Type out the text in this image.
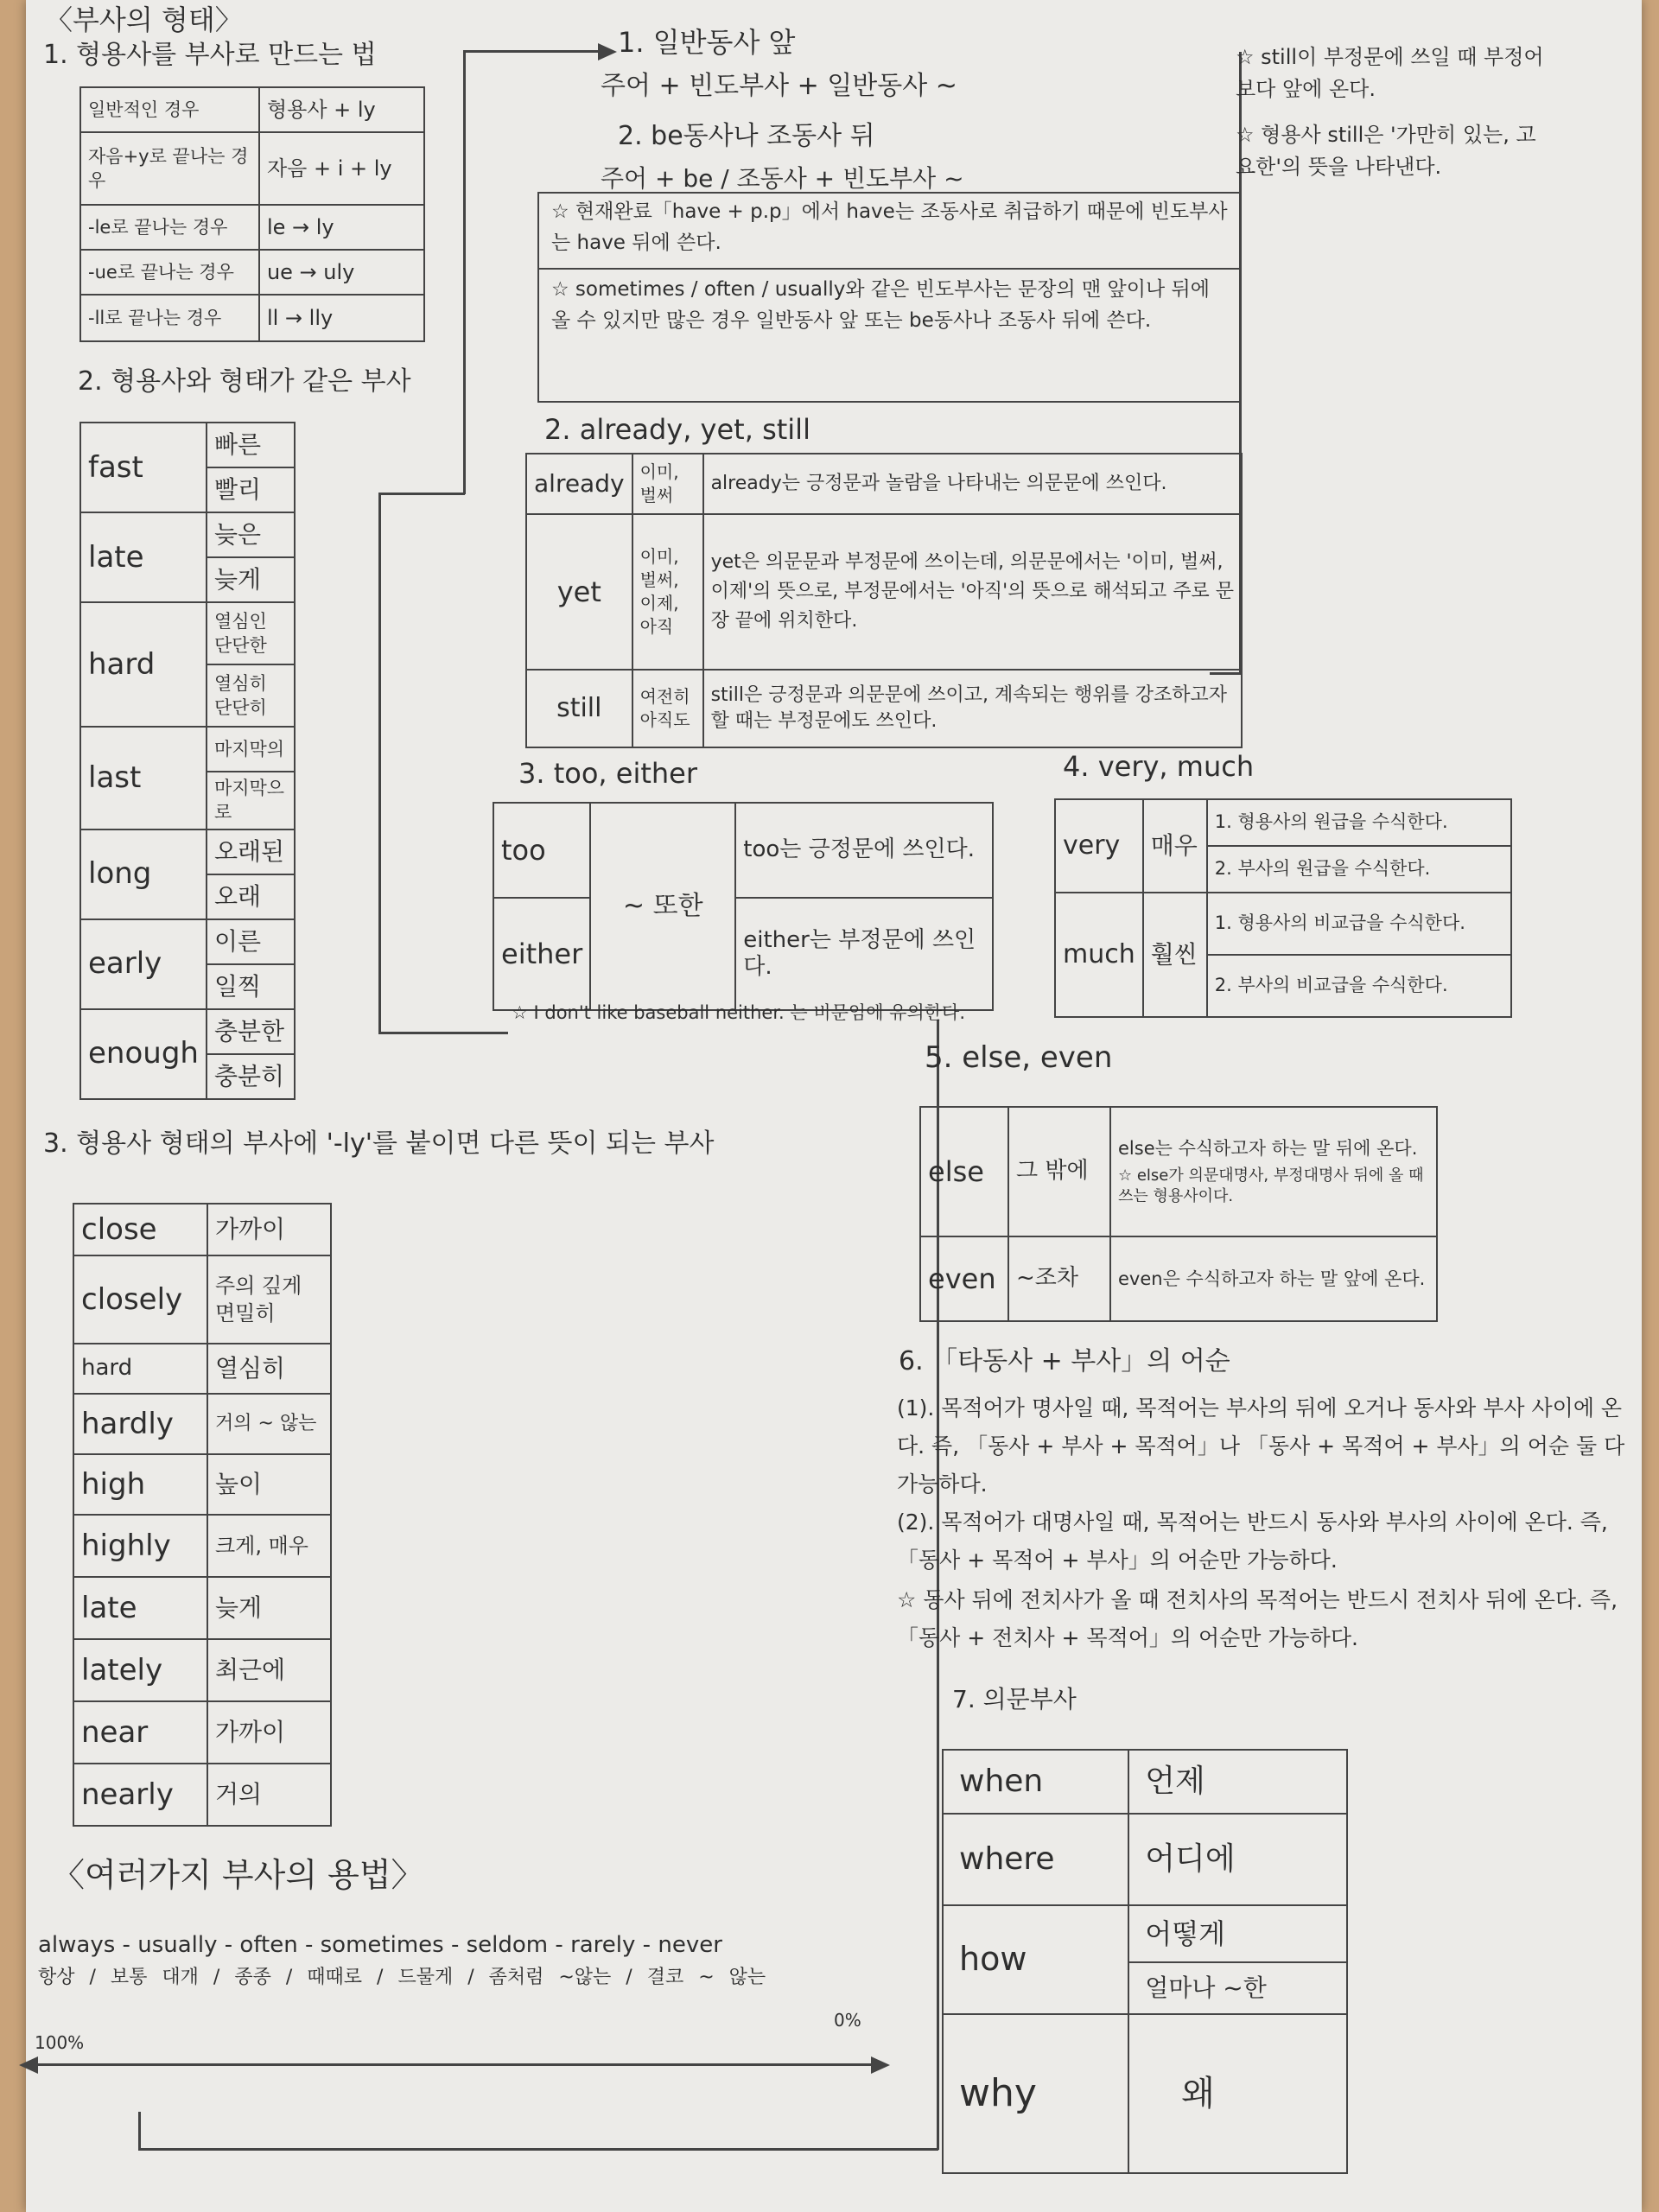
〈부사의 형태〉
1. 형용사를 부사로 만드는 법
일반적인 경우	형용사 + ly
자음+y로 끝나는 경우	자음 + i + ly
-le로 끝나는 경우	le → ly
-ue로 끝나는 경우	ue → uly
-ll로 끝나는 경우	ll → lly
2. 형용사와 형태가 같은 부사
fast	빠른
	빨리
late	늦은
	늦게
hard	열심인 단단한
	열심히 단단히
last	마지막의
	마지막으로
long	오래된
	오래
early	이른
	일찍
enough	충분한
	충분히
3. 형용사 형태의 부사에 '-ly'를 붙이면 다른 뜻이 되는 부사
close	가까이
closely	주의 깊게 면밀히
hard	열심히
hardly	거의 ~ 않는
high	높이
highly	크게, 매우
late	늦게
lately	최근에
near	가까이
nearly	거의
〈여러가지 부사의 용법〉
always - usually - often - sometimes - seldom - rarely - never
항상 / 보통 대개 / 종종 / 때때로 / 드물게 / 좀처럼 ~않는 / 결코 ~ 않는
100%
0%
1. 일반동사 앞
주어 + 빈도부사 + 일반동사 ~
2. be동사나 조동사 뒤
주어 + be / 조동사 + 빈도부사 ~
☆ 현재완료「have + p.p」에서 have는 조동사로 취급하기 때문에 빈도부사는 have 뒤에 쓴다.
☆ sometimes / often / usually와 같은 빈도부사는 문장의 맨 앞이나 뒤에 올 수 있지만 많은 경우 일반동사 앞 또는 be동사나 조동사 뒤에 쓴다.
☆ still이 부정문에 쓰일 때 부정어보다 앞에 온다.
☆ 형용사 still은 '가만히 있는, 고요한'의 뜻을 나타낸다.
2. already, yet, still
already	이미, 벌써	already는 긍정문과 놀람을 나타내는 의문문에 쓰인다.
yet	이미, 벌써, 이제, 아직	yet은 의문문과 부정문에 쓰이는데, 의문문에서는 '이미, 벌써, 이제'의 뜻으로, 부정문에서는 '아직'의 뜻으로 해석되고 주로 문장 끝에 위치한다.
still	여전히 아직도	still은 긍정문과 의문문에 쓰이고, 계속되는 행위를 강조하고자 할 때는 부정문에도 쓰인다.
3. too, either
too	~ 또한	too는 긍정문에 쓰인다.
either		either는 부정문에 쓰인다.
☆ I don't like baseball neither. 는 비문임에 유의한다.
4. very, much
very	매우	1. 형용사의 원급을 수식한다.
		2. 부사의 원급을 수식한다.
much	훨씬	1. 형용사의 비교급을 수식한다.
		2. 부사의 비교급을 수식한다.
5. else, even
else	그 밖에	else는 수식하고자 하는 말 뒤에 온다.
☆ else가 의문대명사, 부정대명사 뒤에 올 때 쓰는 형용사이다.

even	~조차	even은 수식하고자 하는 말 앞에 온다.
6. 「타동사 + 부사」의 어순
(1). 목적어가 명사일 때, 목적어는 부사의 뒤에 오거나 동사와 부사 사이에 온다. 즉, 「동사 + 부사 + 목적어」나 「동사 + 목적어 + 부사」의 어순 둘 다 가능하다.
(2). 목적어가 대명사일 때, 목적어는 반드시 동사와 부사의 사이에 온다. 즉, 「동사 + 목적어 + 부사」의 어순만 가능하다.
☆ 동사 뒤에 전치사가 올 때 전치사의 목적어는 반드시 전치사 뒤에 온다. 즉, 「동사 + 전치사 + 목적어」의 어순만 가능하다.
7. 의문부사
when	언제
where	어디에
how	어떻게
	얼마나 ~한
why	왜
